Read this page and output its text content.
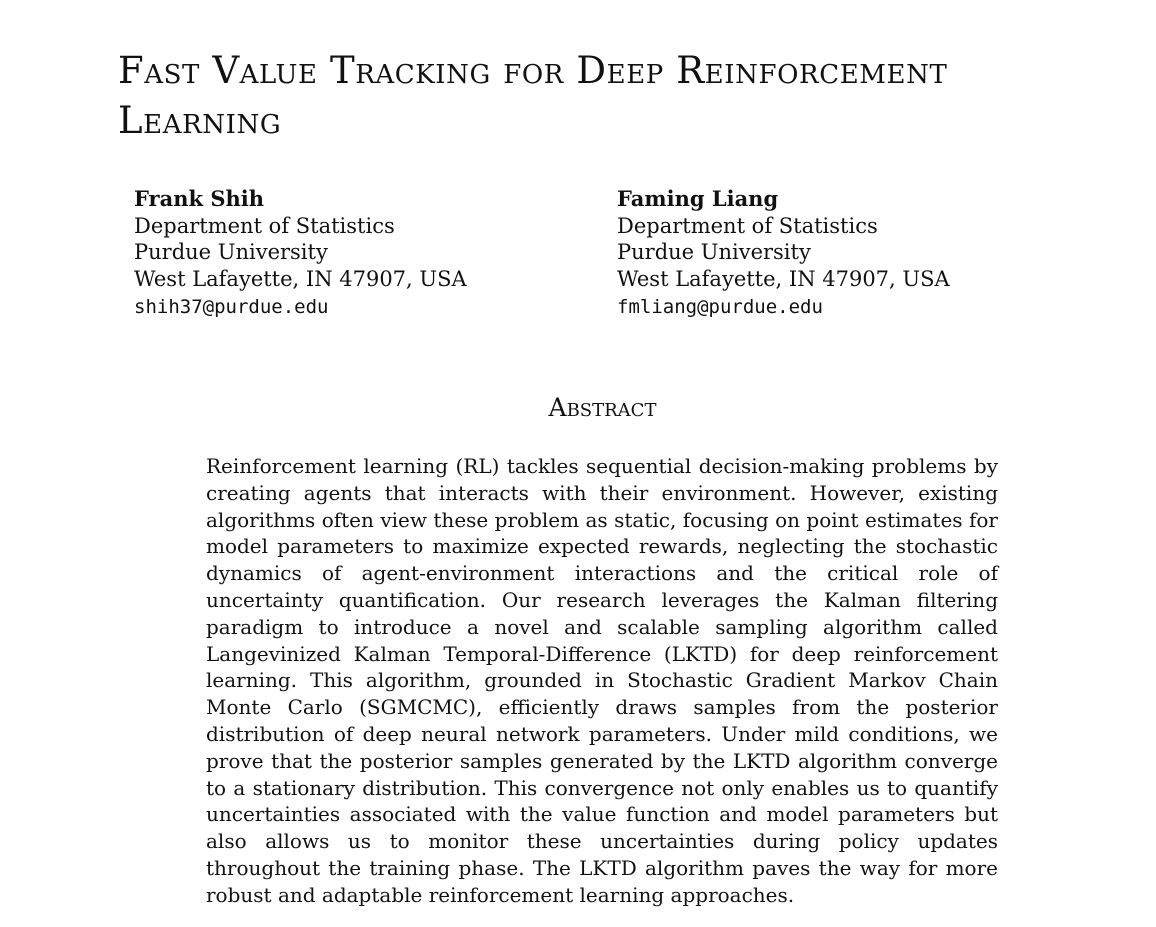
Fast Value Tracking for Deep Reinforcement Learning
Frank Shih
Department of Statistics
Purdue University
West Lafayette, IN 47907, USA
shih37@purdue.edu
Faming Liang
Department of Statistics
Purdue University
West Lafayette, IN 47907, USA
fmliang@purdue.edu
Abstract

Reinforcement learning (RL) tackles sequential decision-making problems by creating agents that interacts with their environment. However, existing algorithms often view these problem as static, focusing on point estimates for model parameters to maximize expected rewards, neglecting the stochastic dynamics of agent-environment interactions and the critical role of uncertainty quantification. Our research leverages the Kalman filtering paradigm to introduce a novel and scalable sampling algorithm called Langevinized Kalman Temporal-Difference (LKTD) for deep reinforcement learning. This algorithm, grounded in Stochastic Gradient Markov Chain Monte Carlo (SGMCMC), efficiently draws samples from the posterior distribution of deep neural network parameters. Under mild conditions, we prove that the posterior samples generated by the LKTD algorithm converge to a stationary distribution. This convergence not only enables us to quantify uncertainties associated with the value function and model parameters but also allows us to monitor these uncertainties during policy updates throughout the training phase. The LKTD algorithm paves the way for more robust and adaptable reinforcement learning approaches.
